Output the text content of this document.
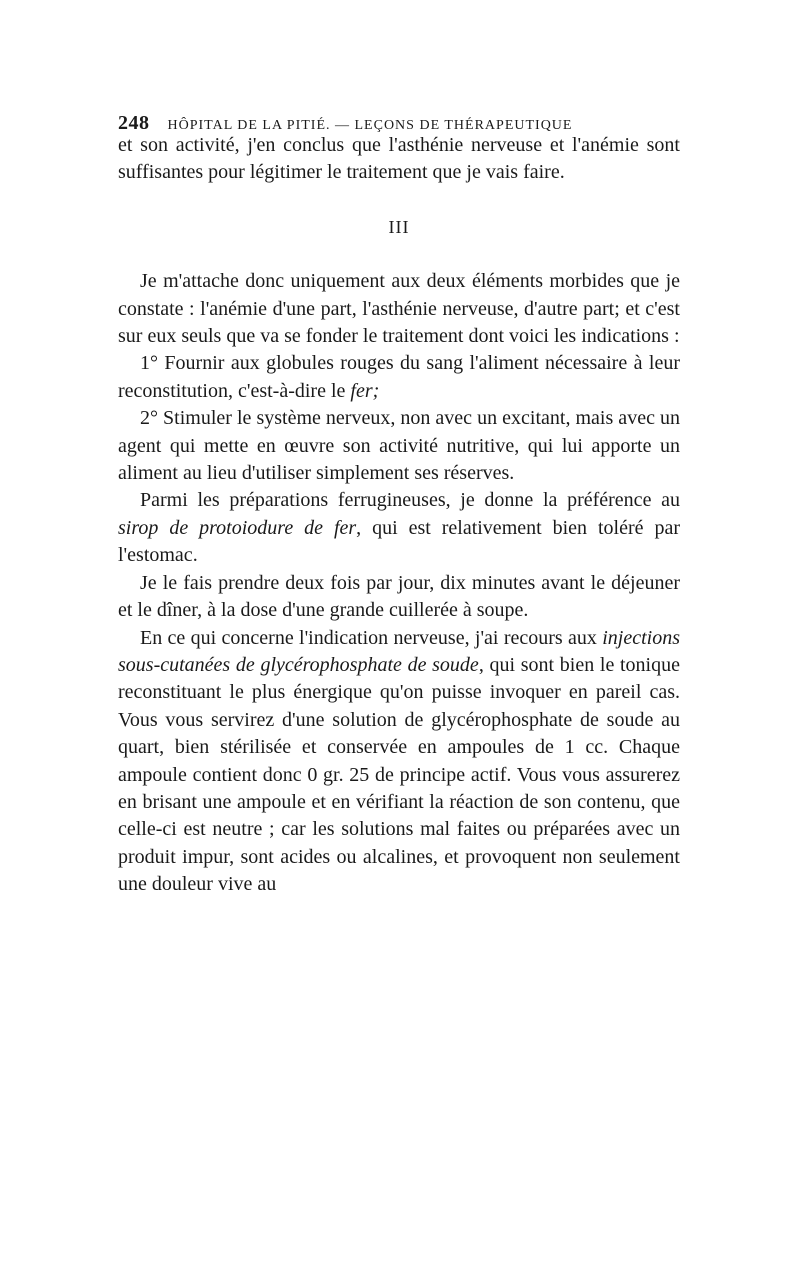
248 HÔPITAL DE LA PITIÉ. — LEÇONS DE THÉRAPEUTIQUE

et son activité, j'en conclus que l'asthénie nerveuse et l'anémie sont suffisantes pour légitimer le traitement que je vais faire.

III

Je m'attache donc uniquement aux deux éléments morbides que je constate : l'anémie d'une part, l'asthénie nerveuse, d'autre part; et c'est sur eux seuls que va se fonder le traitement dont voici les indications :

1° Fournir aux globules rouges du sang l'aliment nécessaire à leur reconstitution, c'est-à-dire le fer;

2° Stimuler le système nerveux, non avec un excitant, mais avec un agent qui mette en œuvre son activité nutritive, qui lui apporte un aliment au lieu d'utiliser simplement ses réserves.

Parmi les préparations ferrugineuses, je donne la préférence au sirop de protoiodure de fer, qui est relativement bien toléré par l'estomac.

Je le fais prendre deux fois par jour, dix minutes avant le déjeuner et le dîner, à la dose d'une grande cuillerée à soupe.

En ce qui concerne l'indication nerveuse, j'ai recours aux injections sous-cutanées de glycérophosphate de soude, qui sont bien le tonique reconstituant le plus énergique qu'on puisse invoquer en pareil cas. Vous vous servirez d'une solution de glycérophosphate de soude au quart, bien stérilisée et conservée en ampoules de 1 cc. Chaque ampoule contient donc 0 gr. 25 de principe actif. Vous vous assurerez en brisant une ampoule et en vérifiant la réaction de son contenu, que celle-ci est neutre ; car les solutions mal faites ou préparées avec un produit impur, sont acides ou alcalines, et provoquent non seulement une douleur vive au
